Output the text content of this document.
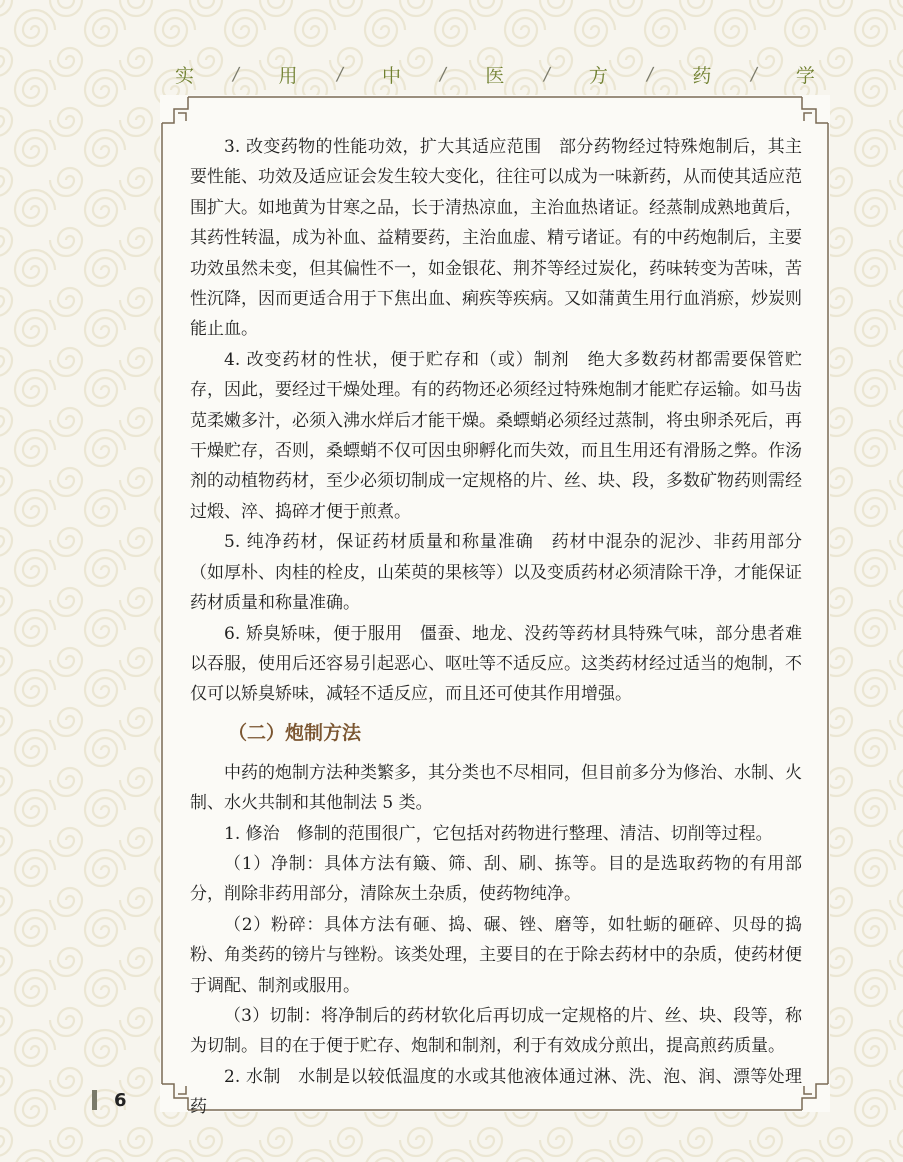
实 / 用 / 中 / 医 / 方 / 药 / 学

3. 改变药物的性能功效，扩大其适应范围　部分药物经过特殊炮制后，其主要性能、功效及适应证会发生较大变化，往往可以成为一味新药，从而使其适应范围扩大。如地黄为甘寒之品，长于清热凉血，主治血热诸证。经蒸制成熟地黄后，其药性转温，成为补血、益精要药，主治血虚、精亏诸证。有的中药炮制后，主要功效虽然未变，但其偏性不一，如金银花、荆芥等经过炭化，药味转变为苦味，苦性沉降，因而更适合用于下焦出血、痢疾等疾病。又如蒲黄生用行血消瘀，炒炭则能止血。

4. 改变药材的性状，便于贮存和（或）制剂　绝大多数药材都需要保管贮存，因此，要经过干燥处理。有的药物还必须经过特殊炮制才能贮存运输。如马齿苋柔嫩多汁，必须入沸水烊后才能干燥。桑螵蛸必须经过蒸制，将虫卵杀死后，再干燥贮存，否则，桑螵蛸不仅可因虫卵孵化而失效，而且生用还有滑肠之弊。作汤剂的动植物药材，至少必须切制成一定规格的片、丝、块、段，多数矿物药则需经过煅、淬、捣碎才便于煎煮。

5. 纯净药材，保证药材质量和称量准确　药材中混杂的泥沙、非药用部分（如厚朴、肉桂的栓皮，山茱萸的果核等）以及变质药材必须清除干净，才能保证药材质量和称量准确。

6. 矫臭矫味，便于服用　僵蚕、地龙、没药等药材具特殊气味，部分患者难以吞服，使用后还容易引起恶心、呕吐等不适反应。这类药材经过适当的炮制，不仅可以矫臭矫味，减轻不适反应，而且还可使其作用增强。

（二）炮制方法

中药的炮制方法种类繁多，其分类也不尽相同，但目前多分为修治、水制、火制、水火共制和其他制法 5 类。

1. 修治　修制的范围很广，它包括对药物进行整理、清洁、切削等过程。

（1）净制：具体方法有簸、筛、刮、刷、拣等。目的是选取药物的有用部分，削除非药用部分，清除灰土杂质，使药物纯净。

（2）粉碎：具体方法有砸、捣、碾、锉、磨等，如牡蛎的砸碎、贝母的捣粉、角类药的镑片与锉粉。该类处理，主要目的在于除去药材中的杂质，使药材便于调配、制剂或服用。

（3）切制：将净制后的药材软化后再切成一定规格的片、丝、块、段等，称为切制。目的在于便于贮存、炮制和制剂，利于有效成分煎出，提高煎药质量。

2. 水制　水制是以较低温度的水或其他液体通过淋、洗、泡、润、漂等处理药

6
